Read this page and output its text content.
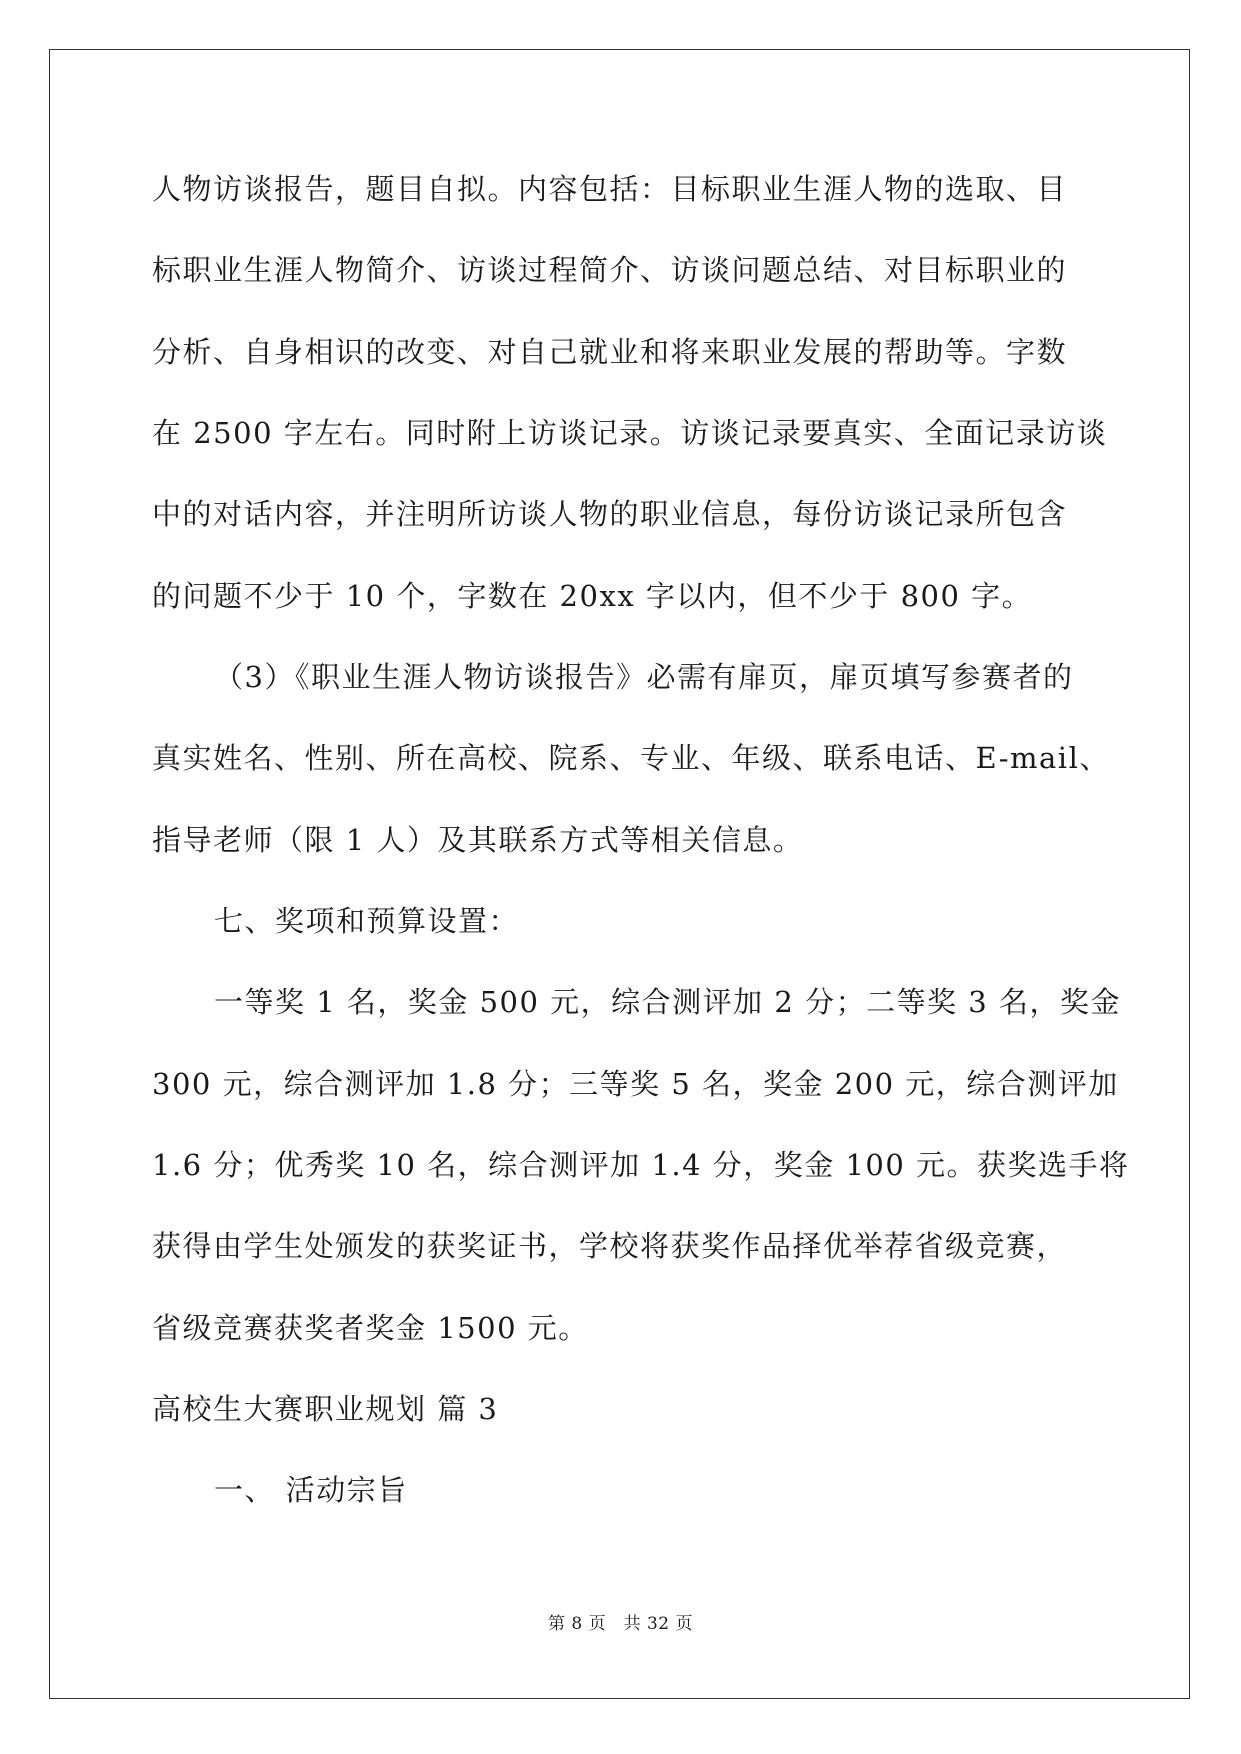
人物访谈报告，题目自拟。内容包括：目标职业生涯人物的选取、目
标职业生涯人物简介、访谈过程简介、访谈问题总结、对目标职业的
分析、自身相识的改变、对自己就业和将来职业发展的帮助等。字数
在 2500 字左右。同时附上访谈记录。访谈记录要真实、全面记录访谈
中的对话内容，并注明所访谈人物的职业信息，每份访谈记录所包含
的问题不少于 10 个，字数在 20xx 字以内，但不少于 800 字。
（3）《职业生涯人物访谈报告》必需有扉页，扉页填写参赛者的
真实姓名、性别、所在高校、院系、专业、年级、联系电话、E-mail、
指导老师（限 1 人）及其联系方式等相关信息。
七、奖项和预算设置：
一等奖 1 名，奖金 500 元，综合测评加 2 分；二等奖 3 名，奖金
300 元，综合测评加 1.8 分；三等奖 5 名，奖金 200 元，综合测评加
1.6 分；优秀奖 10 名，综合测评加 1.4 分，奖金 100 元。获奖选手将
获得由学生处颁发的获奖证书，学校将获奖作品择优举荐省级竞赛，
省级竞赛获奖者奖金 1500 元。
高校生大赛职业规划 篇 3
一、 活动宗旨
第 8 页　共 32 页
